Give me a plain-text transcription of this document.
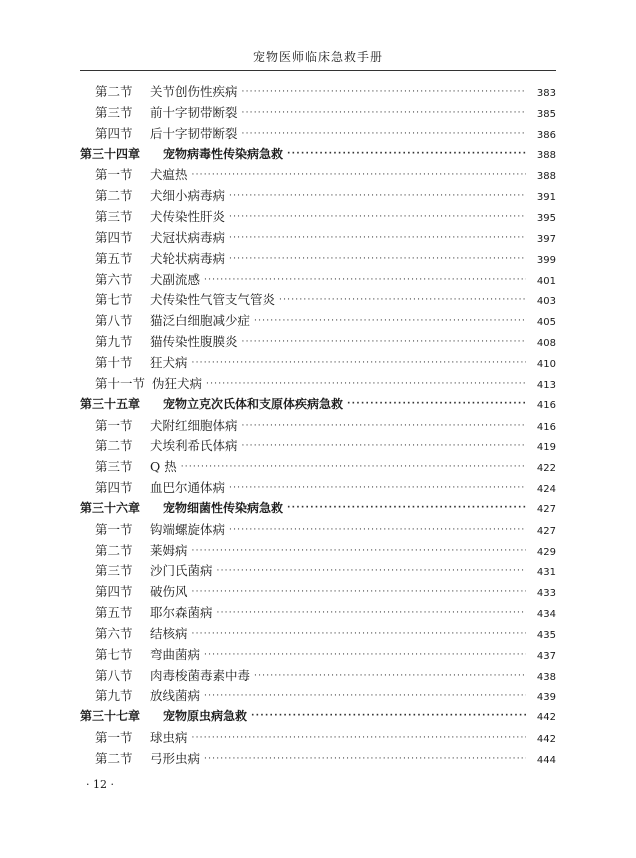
宠物医师临床急救手册
第二节	关节创伤性疾病 ·····	383
第三节	前十字韧带断裂 ·····	385
第四节	后十字韧带断裂 ·····	386
第三十四章	宠物病毒性传染病急救 ·····	388
第一节	犬瘟热 ·····	388
第二节	犬细小病毒病 ·····	391
第三节	犬传染性肝炎 ·····	395
第四节	犬冠状病毒病 ·····	397
第五节	犬轮状病毒病 ·····	399
第六节	犬副流感 ·····	401
第七节	犬传染性气管支气管炎 ·····	403
第八节	猫泛白细胞减少症 ·····	405
第九节	猫传染性腹膜炎 ·····	408
第十节	狂犬病 ·····	410
第十一节 伪狂犬病 ·····	413
第三十五章	宠物立克次氏体和支原体疾病急救 ·····	416
第一节	犬附红细胞体病 ·····	416
第二节	犬埃利希氏体病 ·····	419
第三节	Q 热 ·····	422
第四节	血巴尔通体病 ·····	424
第三十六章	宠物细菌性传染病急救 ·····	427
第一节	钩端螺旋体病 ·····	427
第二节	莱姆病 ·····	429
第三节	沙门氏菌病 ·····	431
第四节	破伤风 ·····	433
第五节	耶尔森菌病 ·····	434
第六节	结核病 ·····	435
第七节	弯曲菌病 ·····	437
第八节	肉毒梭菌毒素中毒 ·····	438
第九节	放线菌病 ·····	439
第三十七章	宠物原虫病急救 ·····	442
第一节	球虫病 ·····	442
第二节	弓形虫病 ·····	444
· 12 ·
